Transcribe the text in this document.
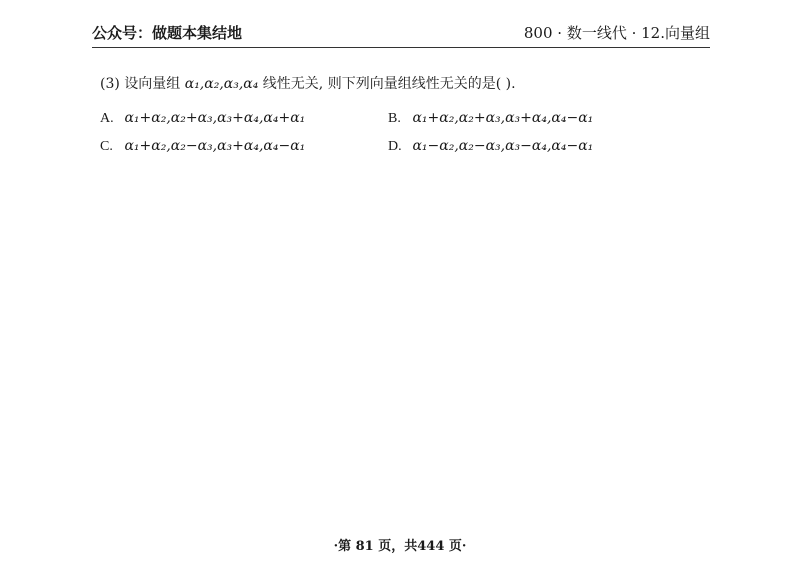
公众号：做题本集结地	800 · 数一线代 · 12.向量组
(3) 设向量组 α₁,α₂,α₃,α₄ 线性无关, 则下列向量组线性无关的是( ).
A. α₁+α₂,α₂+α₃,α₃+α₄,α₄+α₁	B. α₁+α₂,α₂+α₃,α₃+α₄,α₄−α₁
C. α₁+α₂,α₂−α₃,α₃+α₄,α₄−α₁	D. α₁−α₂,α₂−α₃,α₃−α₄,α₄−α₁
·第 81 页，共444 页·
